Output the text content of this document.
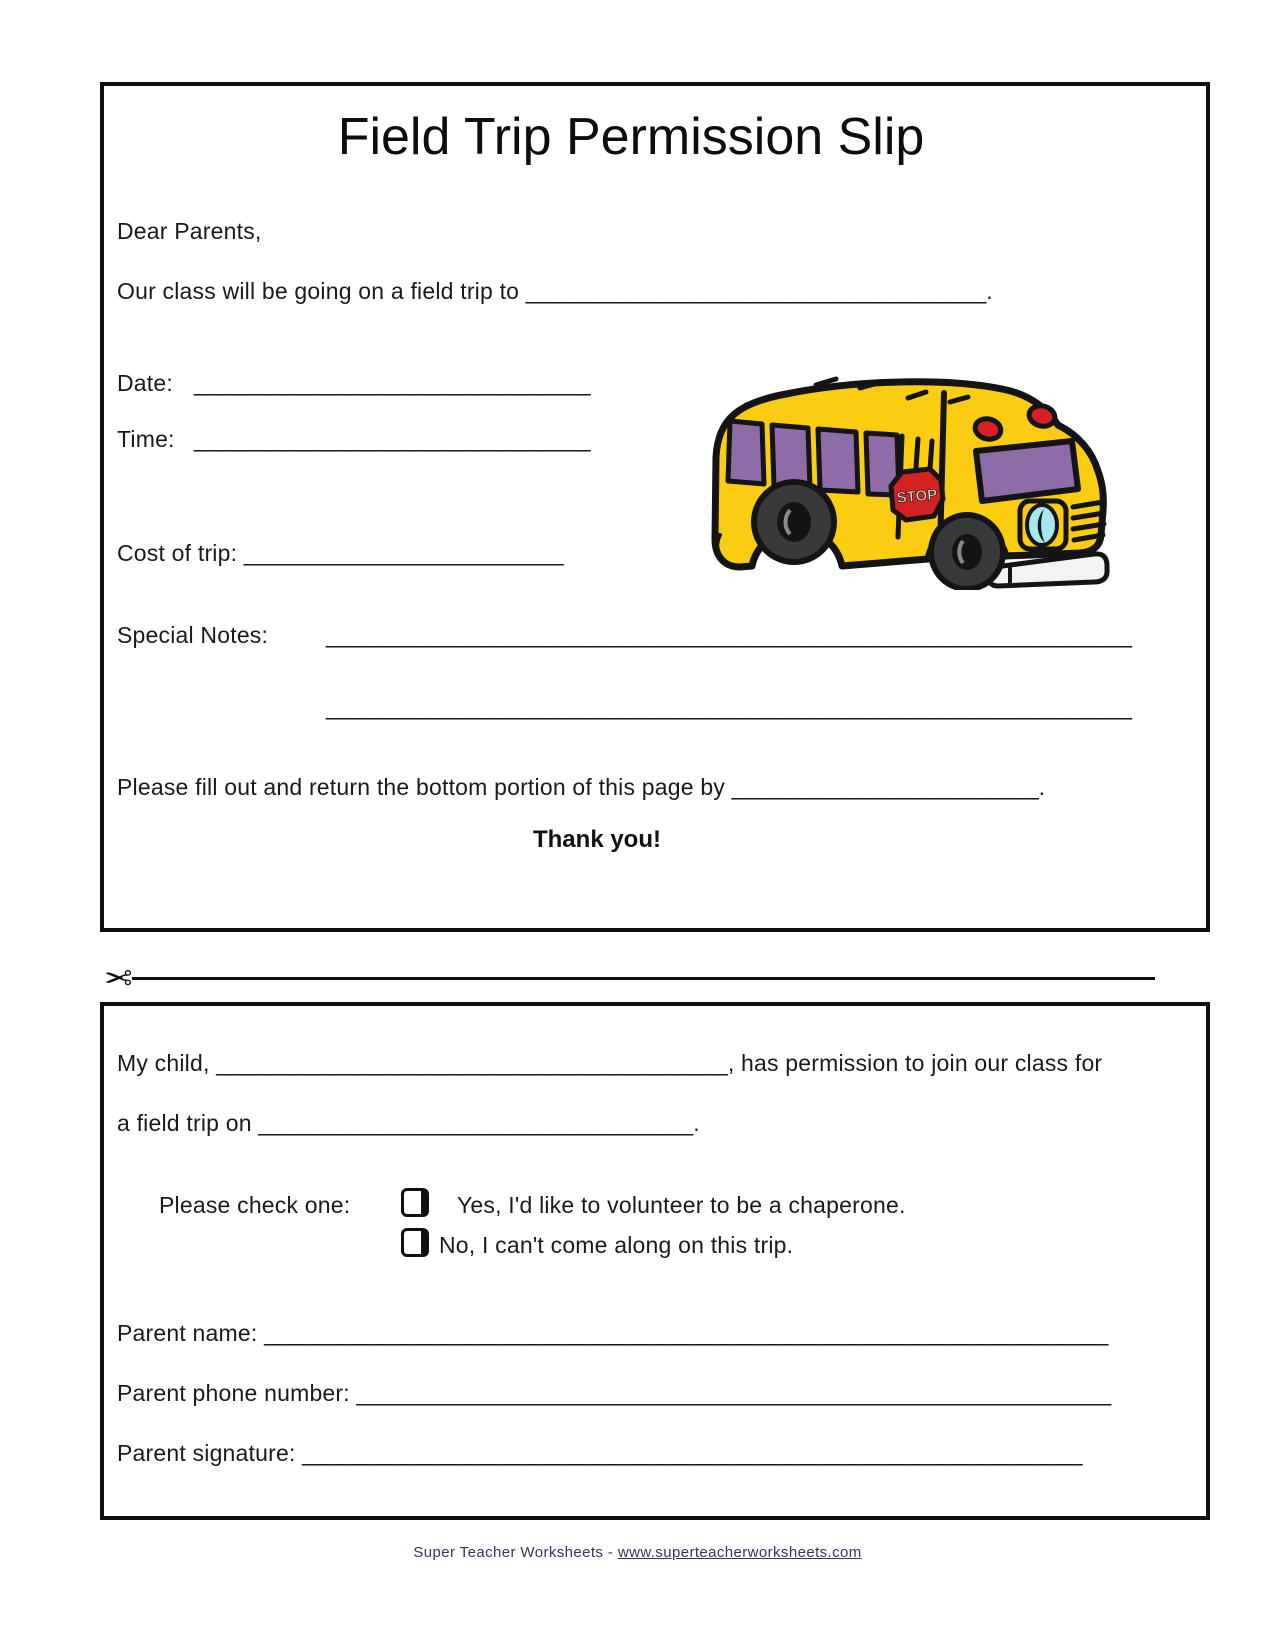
Field Trip Permission Slip
Dear Parents,
Our class will be going on a field trip to ____________________________________.
Date: _______________________________
Time: _______________________________
Cost of trip: _________________________
Special Notes:	_______________________________________________________________
_______________________________________________________________
Please fill out and return the bottom portion of this page by ________________________.
Thank you!
STOP
✂
My child, ________________________________________, has permission to join our class for
a field trip on __________________________________.
Please check one:	Yes, I'd like to volunteer to be a chaperone.
No, I can't come along on this trip.
Parent name: __________________________________________________________________
Parent phone number: ___________________________________________________________
Parent signature: _____________________________________________________________
Super Teacher Worksheets - www.superteacherworksheets.com
